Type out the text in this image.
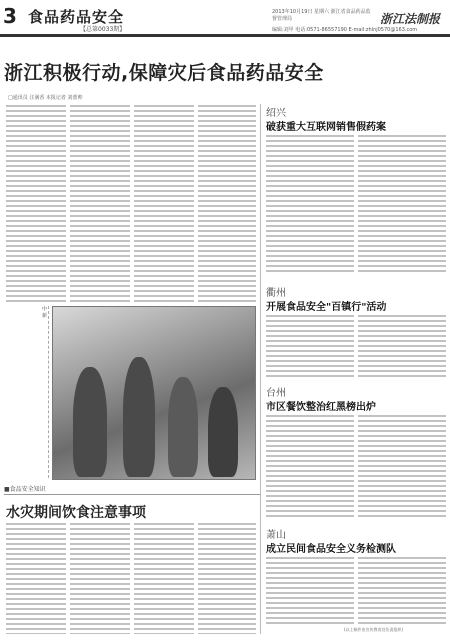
3 食品药品安全
【总第0033期】
2013年10月19日 星期六 浙江省食品药品监督管理局
编辑:刘甲 电话:0571-86557190 E-mail:zhlnj0570@163.com
浙江法制报
浙江积极行动,保障灾后食品药品安全
□通讯员 汪满香 本报记者 刘蕾帅
中 新
■食品安全知识
水灾期间饮食注意事项
绍兴
破获重大互联网销售假药案
衢州
开展食品安全"百镇行"活动
台州
市区餐饮整治红黑榜出炉
萧山
成立民间食品安全义务检测队
(以上稿件由宣传教育处负责组织)
